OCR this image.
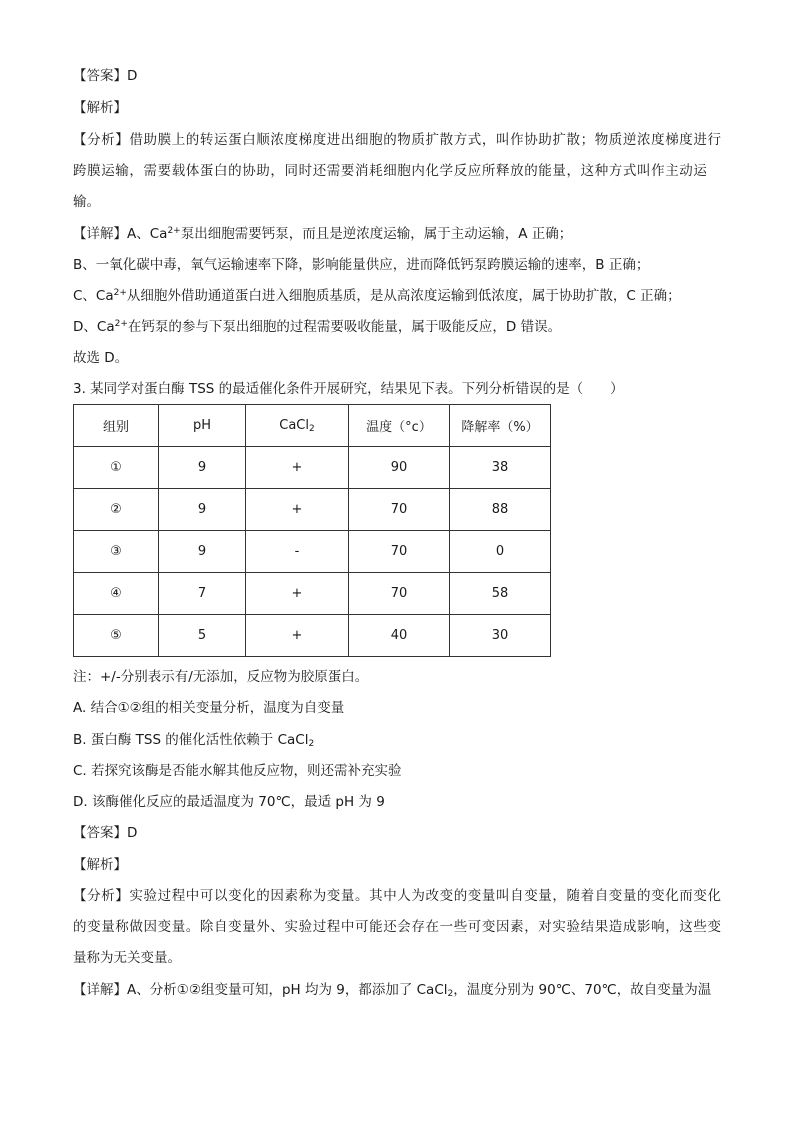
【答案】D
【解析】
【分析】借助膜上的转运蛋白顺浓度梯度进出细胞的物质扩散方式，叫作协助扩散；物质逆浓度梯度进行
跨膜运输，需要载体蛋白的协助，同时还需要消耗细胞内化学反应所释放的能量，这种方式叫作主动运
输。
【详解】A、$Ca^{2+}$泵出细胞需要钙泵，而且是逆浓度运输，属于主动运输，A 正确；
B、一氧化碳中毒，氧气运输速率下降，影响能量供应，进而降低钙泵跨膜运输的速率，B 正确；
C、$Ca^{2+}$从细胞外借助通道蛋白进入细胞质基质，是从高浓度运输到低浓度，属于协助扩散，C 正确；
D、$Ca^{2+}$在钙泵的参与下泵出细胞的过程需要吸收能量，属于吸能反应，D 错误。
故选 D。
3. 某同学对蛋白酶 TSS 的最适催化条件开展研究，结果见下表。下列分析错误的是（　　）
组别	pH	CaCl$_2$	温度（°c）	降解率（%）
①	9	+	90	38
②	9	+	70	88
③	9	-	70	0
④	7	+	70	58
⑤	5	+	40	30
注：+/-分别表示有/无添加，反应物为胶原蛋白。
A. 结合①②组的相关变量分析，温度为自变量
B. 蛋白酶 TSS 的催化活性依赖于 CaCl$_2$
C. 若探究该酶是否能水解其他反应物，则还需补充实验
D. 该酶催化反应的最适温度为 70℃，最适 pH 为 9
【答案】D
【解析】
【分析】实验过程中可以变化的因素称为变量。其中人为改变的变量叫自变量，随着自变量的变化而变化
的变量称做因变量。除自变量外、实验过程中可能还会存在一些可变因素，对实验结果造成影响，这些变
量称为无关变量。
【详解】A、分析①②组变量可知，pH 均为 9，都添加了 CaCl$_2$，温度分别为 90℃、70℃，故自变量为温
